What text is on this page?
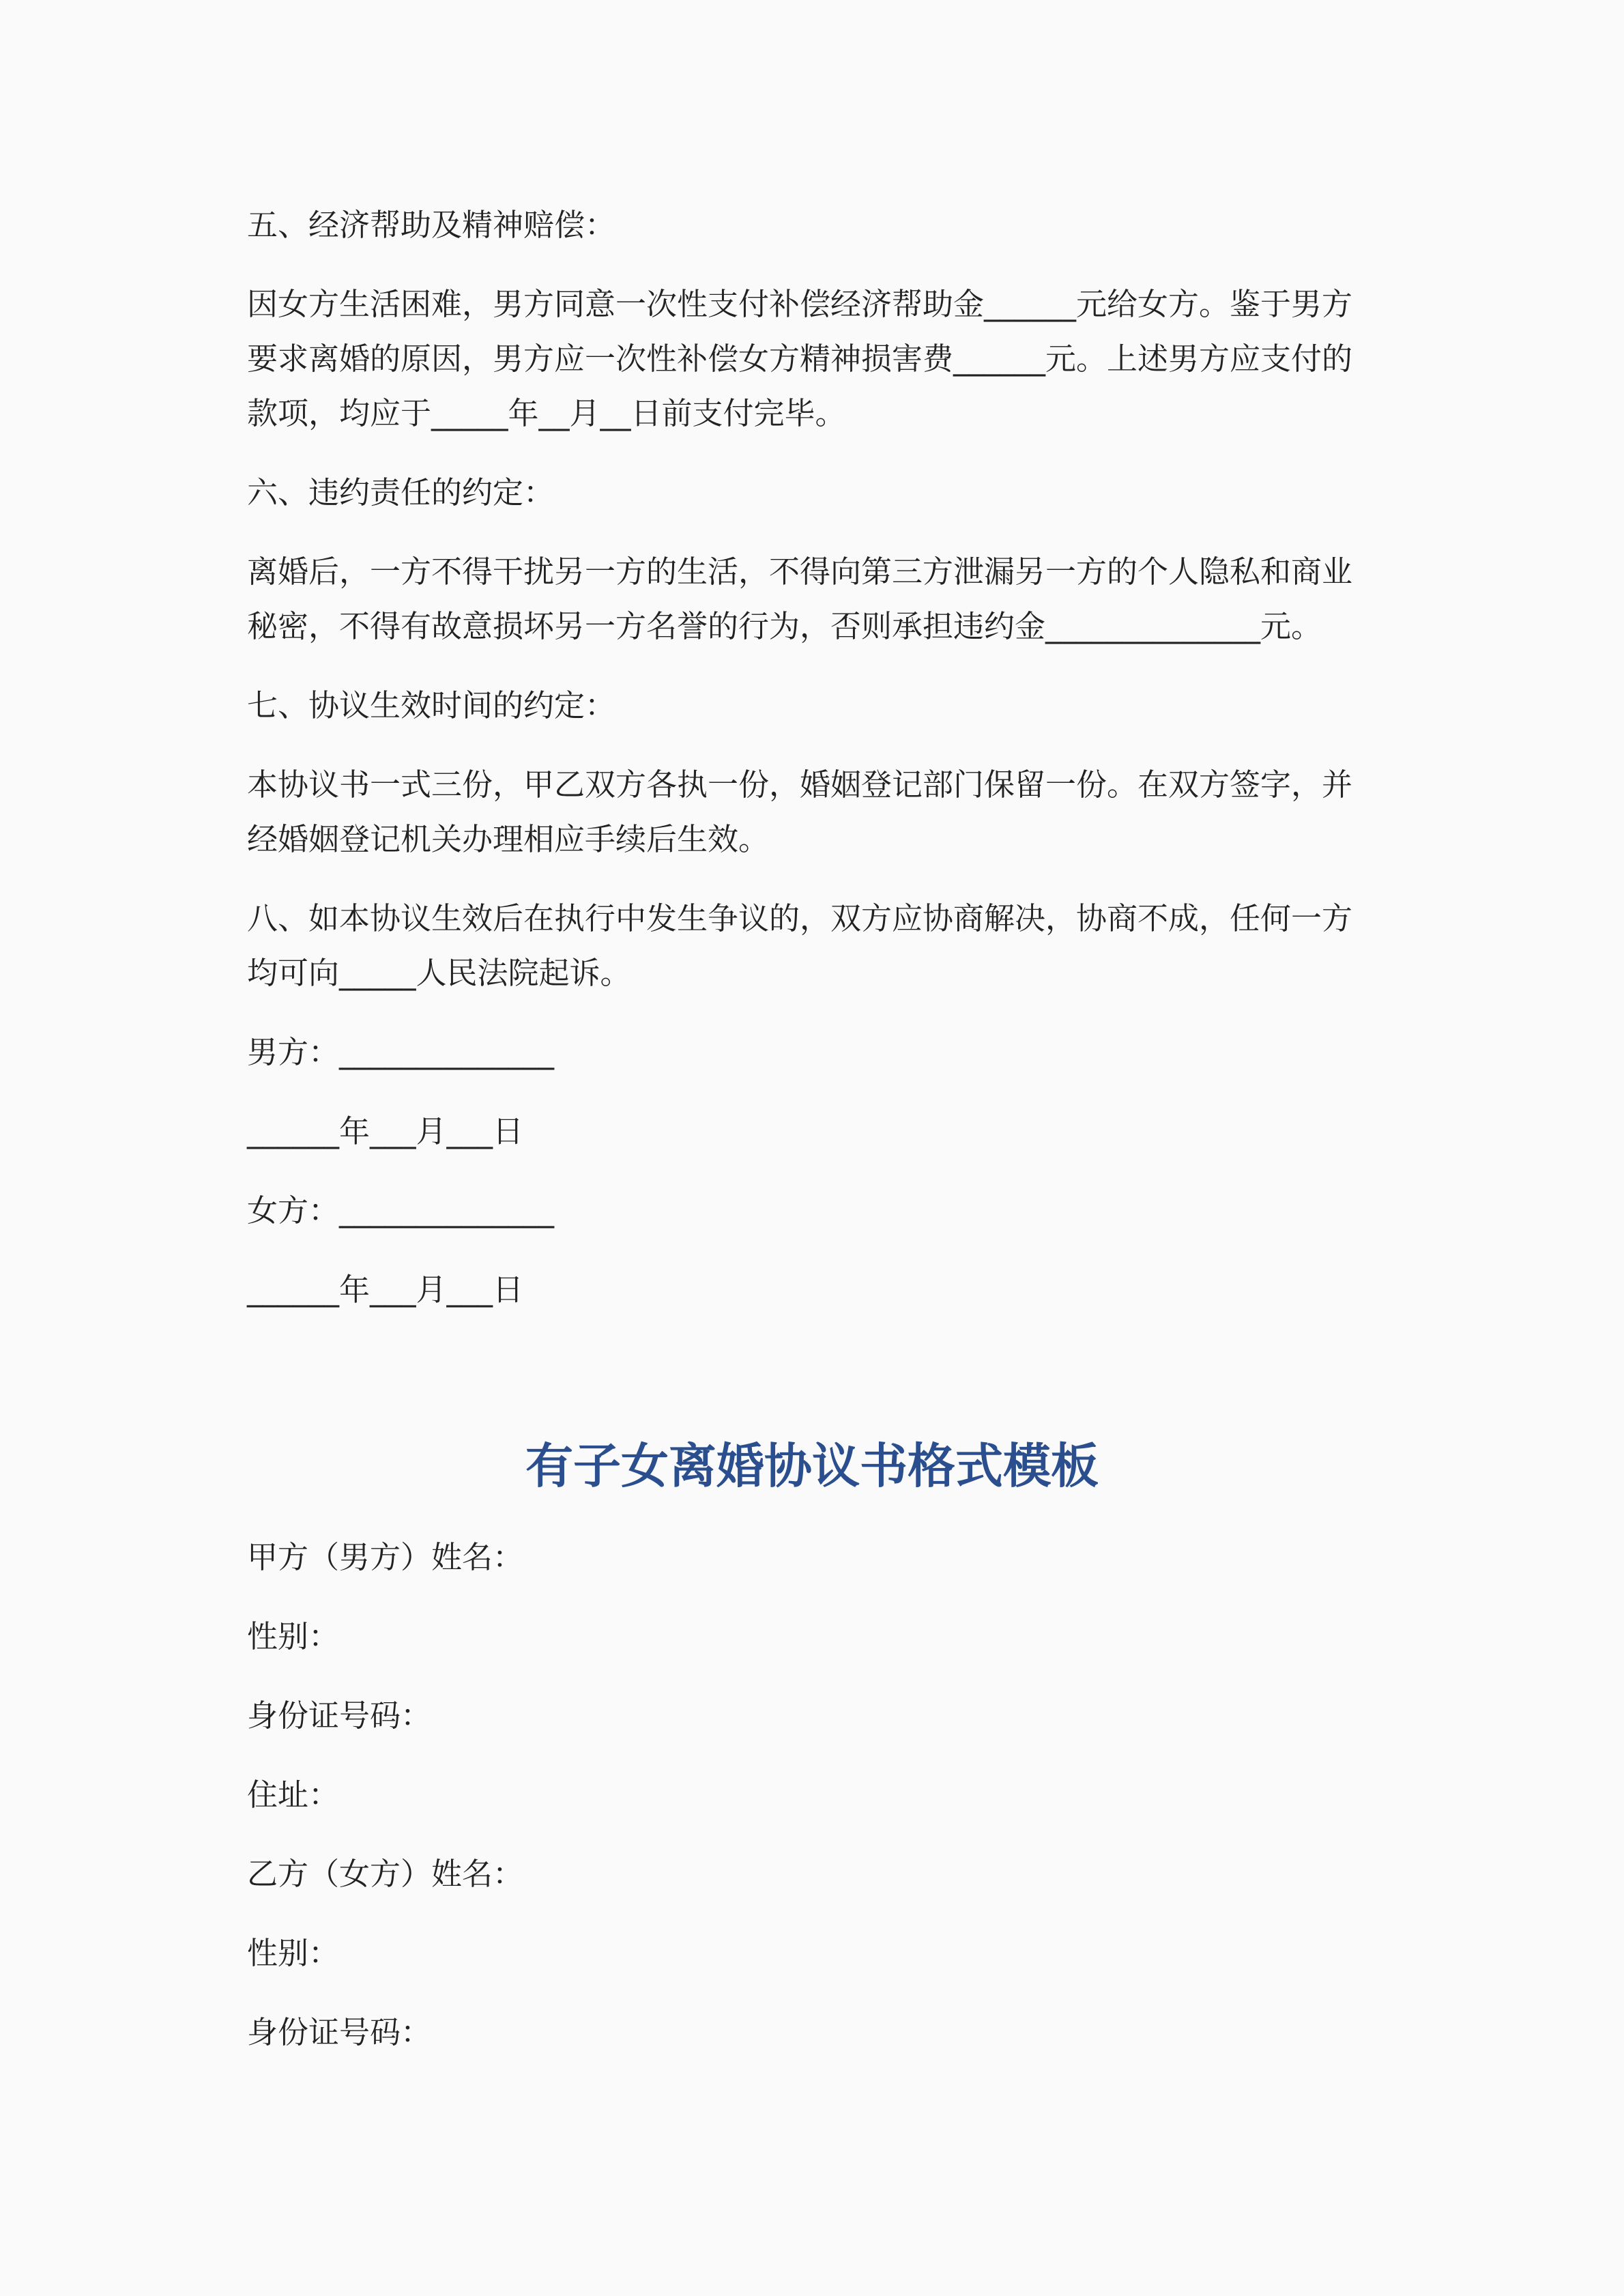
五、经济帮助及精神赔偿：

因女方生活困难，男方同意一次性支付补偿经济帮助金______元给女方。鉴于男方要求离婚的原因，男方应一次性补偿女方精神损害费______元。上述男方应支付的款项，均应于_____年__月__日前支付完毕。

六、违约责任的约定：

离婚后，一方不得干扰另一方的生活，不得向第三方泄漏另一方的个人隐私和商业秘密，不得有故意损坏另一方名誉的行为，否则承担违约金______________元。

七、协议生效时间的约定：

本协议书一式三份，甲乙双方各执一份，婚姻登记部门保留一份。在双方签字，并经婚姻登记机关办理相应手续后生效。

八、如本协议生效后在执行中发生争议的，双方应协商解决，协商不成，任何一方均可向_____人民法院起诉。

男方：______________

______年___月___日

女方：______________

______年___月___日

有子女离婚协议书格式模板

甲方（男方）姓名：

性别：

身份证号码：

住址：

乙方（女方）姓名：

性别：

身份证号码：
